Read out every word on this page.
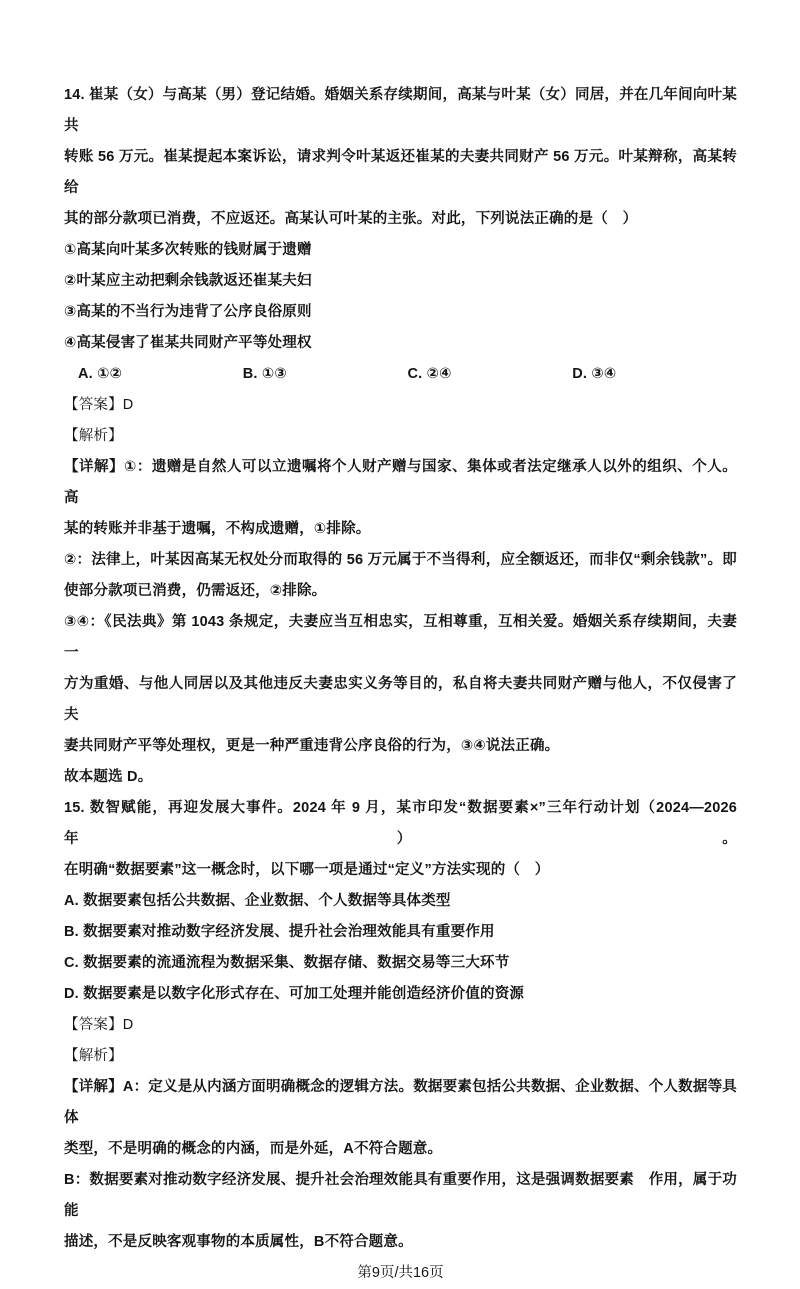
14. 崔某（女）与高某（男）登记结婚。婚姻关系存续期间，高某与叶某（女）同居，并在几年间向叶某共
转账 56 万元。崔某提起本案诉讼，请求判令叶某返还崔某的夫妻共同财产 56 万元。叶某辩称，高某转给
其的部分款项已消费，不应返还。高某认可叶某的主张。对此，下列说法正确的是（　）
①高某向叶某多次转账的钱财属于遗赠
②叶某应主动把剩余钱款返还崔某夫妇
③高某的不当行为违背了公序良俗原则
④高某侵害了崔某共同财产平等处理权
A. ①②	B. ①③	C. ②④	D. ③④
【答案】D
【解析】
【详解】①：遗赠是自然人可以立遗嘱将个人财产赠与国家、集体或者法定继承人以外的组织、个人。高
某的转账并非基于遗嘱，不构成遗赠，①排除。
②：法律上，叶某因高某无权处分而取得的 56 万元属于不当得利，应全额返还，而非仅“剩余钱款”。即
使部分款项已消费，仍需返还，②排除。
③④：《民法典》第 1043 条规定，夫妻应当互相忠实，互相尊重，互相关爱。婚姻关系存续期间，夫妻一
方为重婚、与他人同居以及其他违反夫妻忠实义务等目的，私自将夫妻共同财产赠与他人，不仅侵害了夫
妻共同财产平等处理权，更是一种严重违背公序良俗的行为，③④说法正确。
故本题选 D。
15. 数智赋能，再迎发展大事件。2024 年 9 月，某市印发“数据要素×”三年行动计划（2024—2026 年）。
在明确“数据要素”这一概念时，以下哪一项是通过“定义”方法实现的（　）
A. 数据要素包括公共数据、企业数据、个人数据等具体类型
B. 数据要素对推动数字经济发展、提升社会治理效能具有重要作用
C. 数据要素的流通流程为数据采集、数据存储、数据交易等三大环节
D. 数据要素是以数字化形式存在、可加工处理并能创造经济价值的资源
【答案】D
【解析】
【详解】A：定义是从内涵方面明确概念的逻辑方法。数据要素包括公共数据、企业数据、个人数据等具体
类型，不是明确的概念的内涵，而是外延，A不符合题意。
B：数据要素对推动数字经济发展、提升社会治理效能具有重要作用，这是强调数据要素　作用，属于功能
描述，不是反映客观事物的本质属性，B不符合题意。
第9页/共16页
